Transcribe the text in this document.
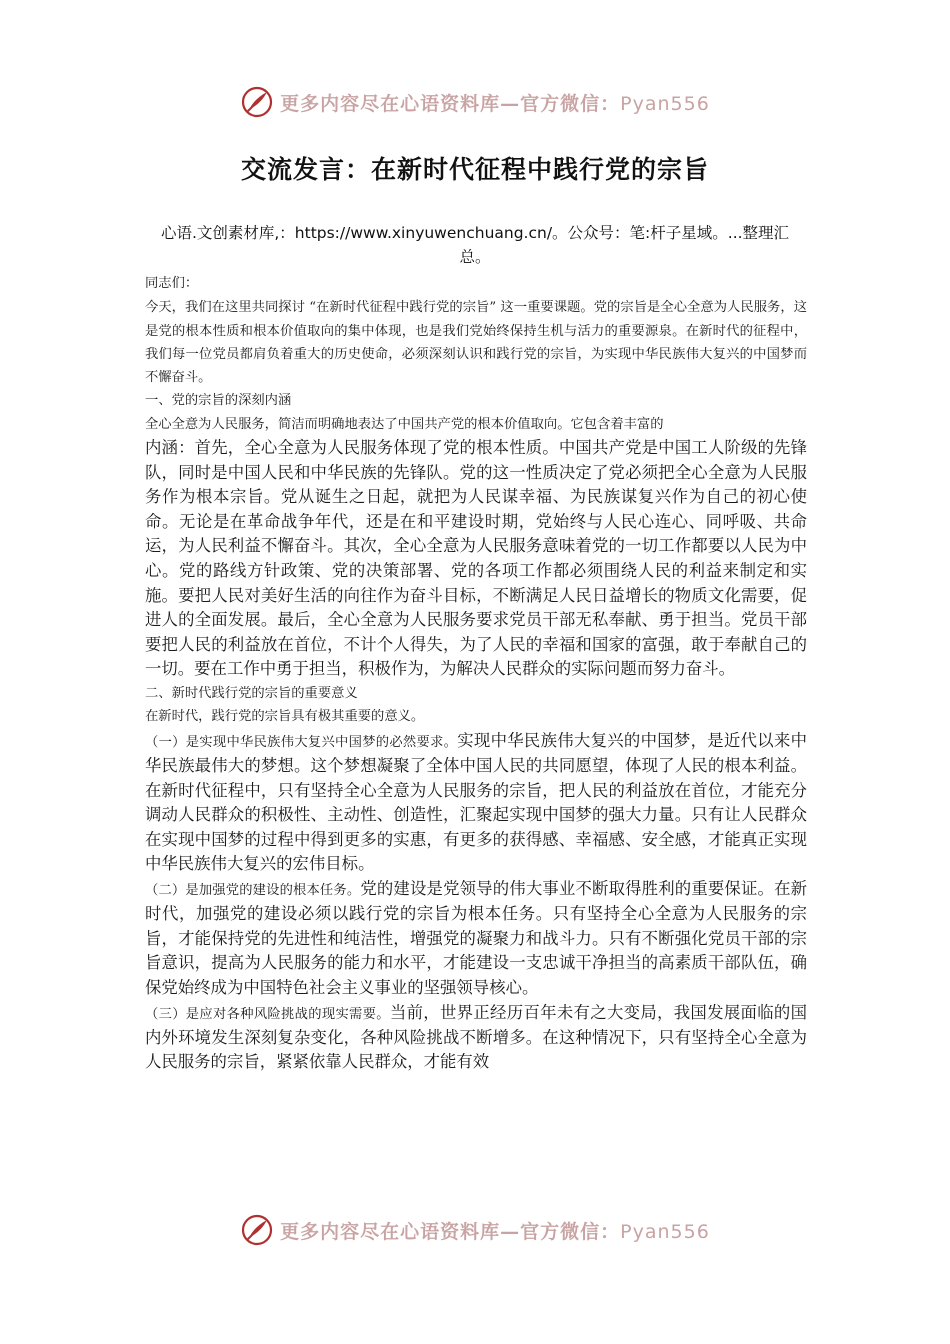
更多内容尽在心语资料库—官方微信：Pyan556
交流发言：在新时代征程中践行党的宗旨
心语.文创素材库,：https://www.xinyuwenchuang.cn/。公众号：笔:杆子星域。...整理汇总。

同志们：

今天，我们在这里共同探讨 “在新时代征程中践行党的宗旨” 这一重要课题。党的宗旨是全心全意为人民服务，这是党的根本性质和根本价值取向的集中体现，也是我们党始终保持生机与活力的重要源泉。在新时代的征程中，我们每一位党员都肩负着重大的历史使命，必须深刻认识和践行党的宗旨，为实现中华民族伟大复兴的中国梦而不懈奋斗。

一、党的宗旨的深刻内涵

全心全意为人民服务，简洁而明确地表达了中国共产党的根本价值取向。它包含着丰富的

内涵：首先，全心全意为人民服务体现了党的根本性质。中国共产党是中国工人阶级的先锋队，同时是中国人民和中华民族的先锋队。党的这一性质决定了党必须把全心全意为人民服务作为根本宗旨。党从诞生之日起，就把为人民谋幸福、为民族谋复兴作为自己的初心使命。无论是在革命战争年代，还是在和平建设时期，党始终与人民心连心、同呼吸、共命运，为人民利益不懈奋斗。其次，全心全意为人民服务意味着党的一切工作都要以人民为中心。党的路线方针政策、党的决策部署、党的各项工作都必须围绕人民的利益来制定和实施。要把人民对美好生活的向往作为奋斗目标，不断满足人民日益增长的物质文化需要，促进人的全面发展。最后，全心全意为人民服务要求党员干部无私奉献、勇于担当。党员干部要把人民的利益放在首位，不计个人得失，为了人民的幸福和国家的富强，敢于奉献自己的一切。要在工作中勇于担当，积极作为，为解决人民群众的实际问题而努力奋斗。

二、新时代践行党的宗旨的重要意义

在新时代，践行党的宗旨具有极其重要的意义。

（一）是实现中华民族伟大复兴中国梦的必然要求。实现中华民族伟大复兴的中国梦，是近代以来中华民族最伟大的梦想。这个梦想凝聚了全体中国人民的共同愿望，体现了人民的根本利益。在新时代征程中，只有坚持全心全意为人民服务的宗旨，把人民的利益放在首位，才能充分调动人民群众的积极性、主动性、创造性，汇聚起实现中国梦的强大力量。只有让人民群众在实现中国梦的过程中得到更多的实惠，有更多的获得感、幸福感、安全感，才能真正实现中华民族伟大复兴的宏伟目标。

（二）是加强党的建设的根本任务。党的建设是党领导的伟大事业不断取得胜利的重要保证。在新时代，加强党的建设必须以践行党的宗旨为根本任务。只有坚持全心全意为人民服务的宗旨，才能保持党的先进性和纯洁性，增强党的凝聚力和战斗力。只有不断强化党员干部的宗旨意识，提高为人民服务的能力和水平，才能建设一支忠诚干净担当的高素质干部队伍，确保党始终成为中国特色社会主义事业的坚强领导核心。

（三）是应对各种风险挑战的现实需要。当前，世界正经历百年未有之大变局，我国发展面临的国内外环境发生深刻复杂变化，各种风险挑战不断增多。在这种情况下，只有坚持全心全意为人民服务的宗旨，紧紧依靠人民群众，才能有效

更多内容尽在心语资料库—官方微信：Pyan556
